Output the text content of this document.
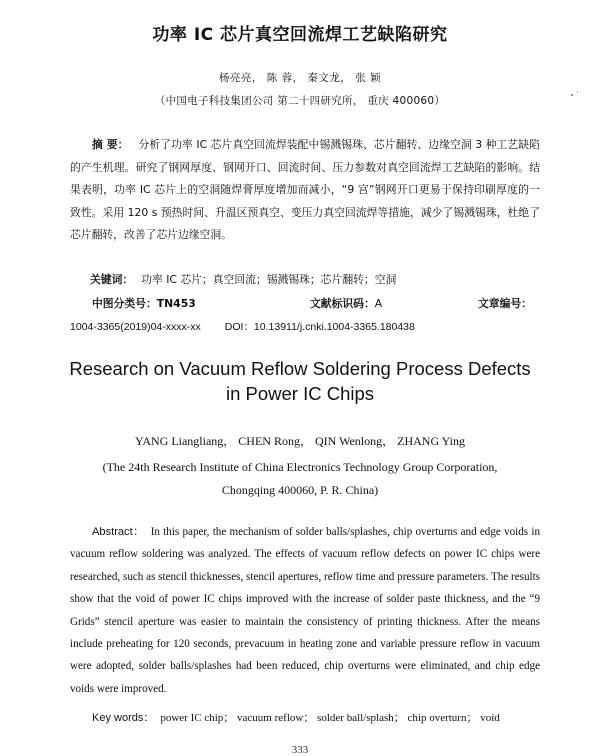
功率 IC 芯片真空回流焊工艺缺陷研究
杨亮亮， 陈 蓉， 秦文龙， 张 颖
（中国电子科技集团公司 第二十四研究所， 重庆 400060）

摘 要： 分析了功率 IC 芯片真空回流焊装配中锡溅锡珠、芯片翻转、边缘空洞 3 种工艺缺陷的产生机理。研究了钢网厚度、钢网开口、回流时间、压力参数对真空回流焊工艺缺陷的影响。结果表明，功率 IC 芯片上的空洞随焊膏厚度增加而减小，“9 宫”钢网开口更易于保持印刷厚度的一致性。采用 120 s 预热时间、升温区预真空、变压力真空回流焊等措施，减少了锡溅锡珠，杜绝了芯片翻转，改善了芯片边缘空洞。

关键词： 功率 IC 芯片；真空回流；锡溅锡珠；芯片翻转；空洞
中图分类号：TN453	文献标识码：A	文章编号：
1004-3365(2019)04-xxxx-xx DOI：10.13911/j.cnki.1004-3365.180438
Research on Vacuum Reflow Soldering Process Defects
in Power IC Chips
YANG Liangliang， CHEN Rong， QIN Wenlong， ZHANG Ying
(The 24th Research Institute of China Electronics Technology Group Corporation,
Chongqing 400060, P. R. China)

Abstract： In this paper, the mechanism of solder balls/splashes, chip overturns and edge voids in vacuum reflow soldering was analyzed. The effects of vacuum reflow defects on power IC chips were researched, such as stencil thicknesses, stencil apertures, reflow time and pressure parameters. The results show that the void of power IC chips improved with the increase of solder paste thickness, and the “9 Grids” stencil aperture was easier to maintain the consistency of printing thickness. After the means include preheating for 120 seconds, prevacuum in heating zone and variable pressure reflow in vacuum were adopted, solder balls/splashes had been reduced, chip overturns were eliminated, and chip edge voids were improved.

Key words： power IC chip； vacuum reflow； solder ball/splash； chip overturn； void
333
